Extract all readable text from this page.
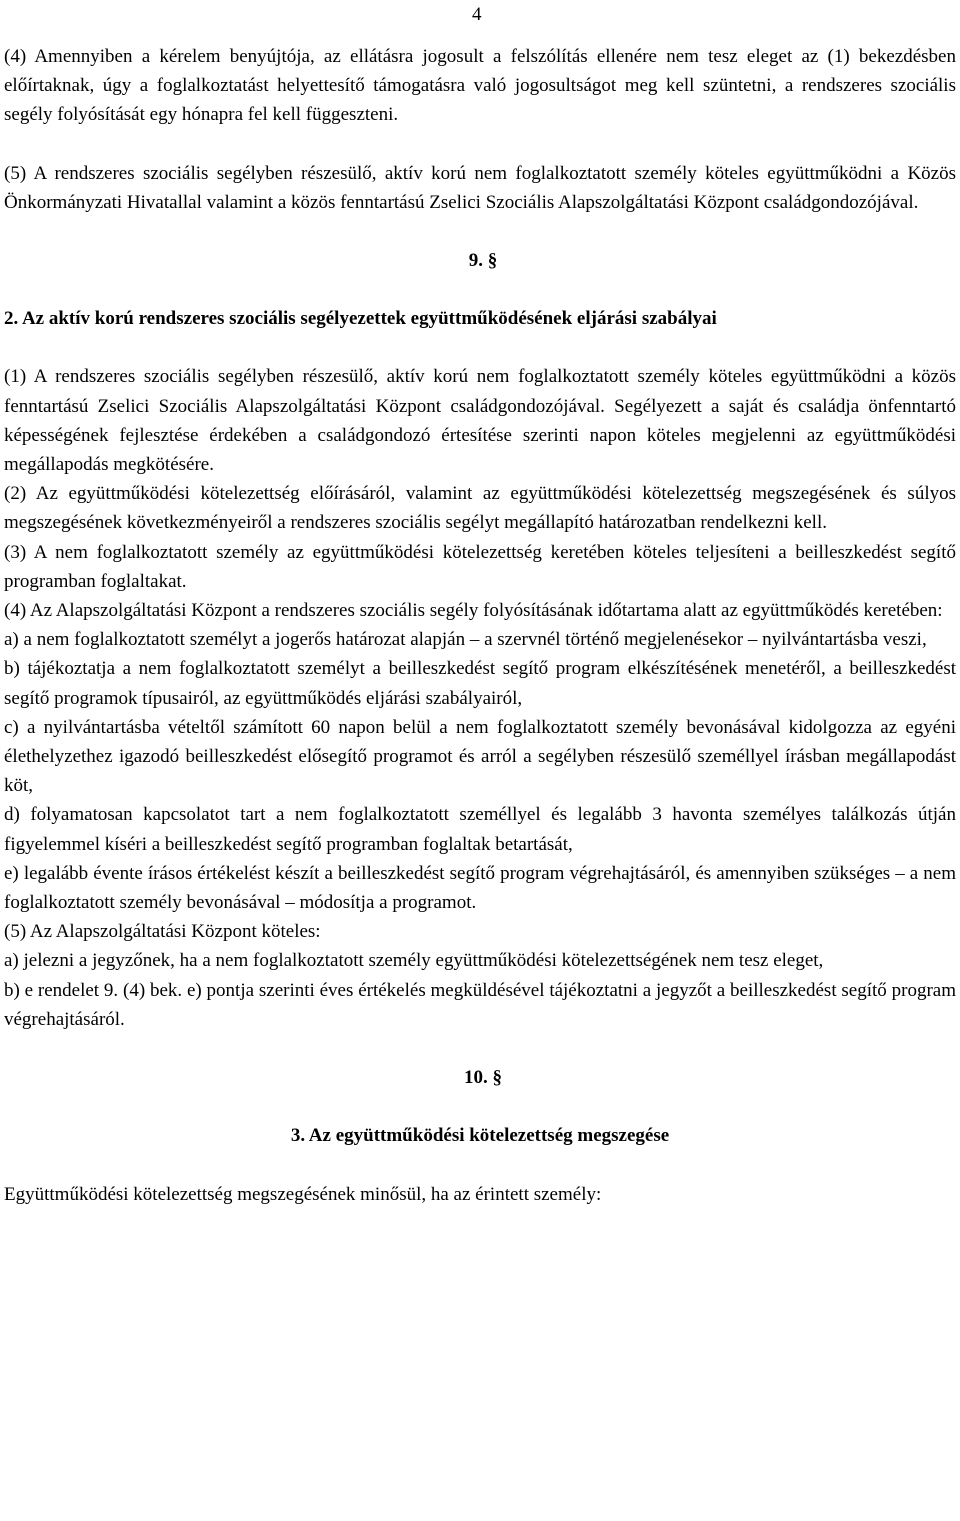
4

(4) Amennyiben a kérelem benyújtója, az ellátásra jogosult a felszólítás ellenére nem tesz eleget az (1) bekezdésben előírtaknak, úgy a foglalkoztatást helyettesítő támogatásra való jogosultságot meg kell szüntetni, a rendszeres szociális segély folyósítását egy hónapra fel kell függeszteni.

(5) A rendszeres szociális segélyben részesülő, aktív korú nem foglalkoztatott személy köteles együttműködni a Közös Önkormányzati Hivatallal valamint a közös fenntartású Zselici Szociális Alapszolgáltatási Központ családgondozójával.

9. §

2. Az aktív korú rendszeres szociális segélyezettek együttműködésének eljárási szabályai

(1) A rendszeres szociális segélyben részesülő, aktív korú nem foglalkoztatott személy köteles együttműködni a közös fenntartású Zselici Szociális Alapszolgáltatási Központ családgondozójával. Segélyezett a saját és családja önfenntartó képességének fejlesztése érdekében a családgondozó értesítése szerinti napon köteles megjelenni az együttműködési megállapodás megkötésére.

(2) Az együttműködési kötelezettség előírásáról, valamint az együttműködési kötelezettség megszegésének és súlyos megszegésének következményeiről a rendszeres szociális segélyt megállapító határozatban rendelkezni kell.

(3) A nem foglalkoztatott személy az együttműködési kötelezettség keretében köteles teljesíteni a beilleszkedést segítő programban foglaltakat.

(4) Az Alapszolgáltatási Központ a rendszeres szociális segély folyósításának időtartama alatt az együttműködés keretében:

a) a nem foglalkoztatott személyt a jogerős határozat alapján – a szervnél történő megjelenésekor – nyilvántartásba veszi,

b) tájékoztatja a nem foglalkoztatott személyt a beilleszkedést segítő program elkészítésének menetéről, a beilleszkedést segítő programok típusairól, az együttműködés eljárási szabályairól,

c) a nyilvántartásba vételtől számított 60 napon belül a nem foglalkoztatott személy bevonásával kidolgozza az egyéni élethelyzethez igazodó beilleszkedést elősegítő programot és arról a segélyben részesülő személlyel írásban megállapodást köt,

d) folyamatosan kapcsolatot tart a nem foglalkoztatott személlyel és legalább 3 havonta személyes találkozás útján figyelemmel kíséri a beilleszkedést segítő programban foglaltak betartását,

e) legalább évente írásos értékelést készít a beilleszkedést segítő program végrehajtásáról, és amennyiben szükséges – a nem foglalkoztatott személy bevonásával – módosítja a programot.

(5) Az Alapszolgáltatási Központ köteles:

a) jelezni a jegyzőnek, ha a nem foglalkoztatott személy együttműködési kötelezettségének nem tesz eleget,

b) e rendelet 9. (4) bek. e) pontja szerinti éves értékelés megküldésével tájékoztatni a jegyzőt a beilleszkedést segítő program végrehajtásáról.

10. §

3. Az együttműködési kötelezettség megszegése

Együttműködési kötelezettség megszegésének minősül, ha az érintett személy:
